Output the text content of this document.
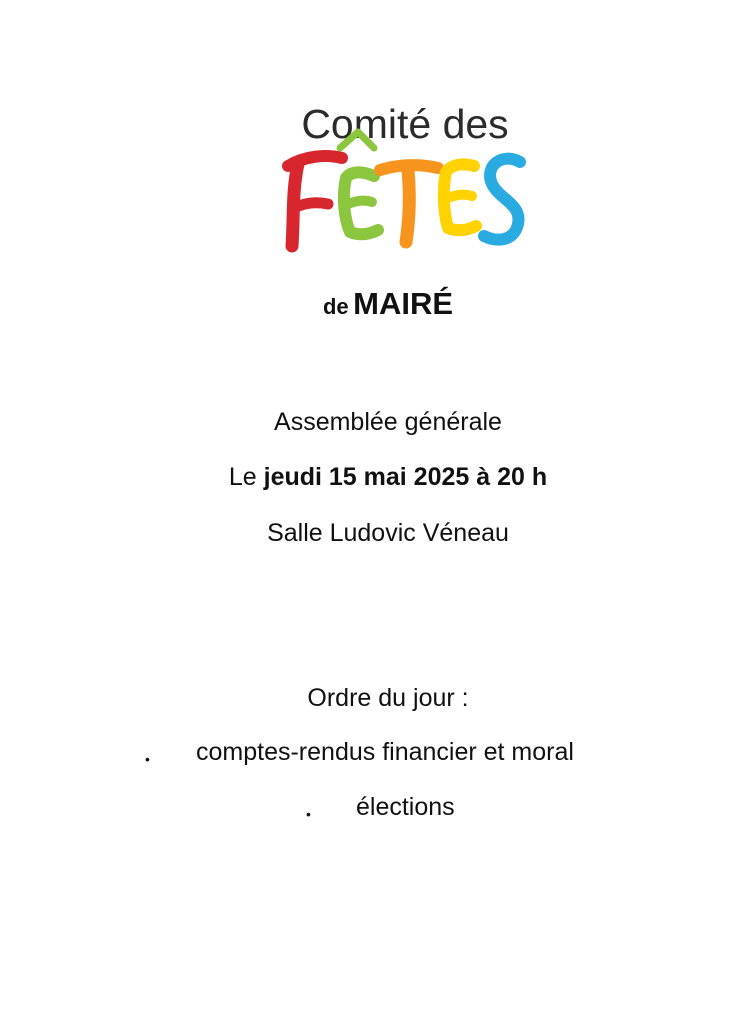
Comité des
de MAIRÉ
Assemblée générale
Le jeudi 15 mai 2025 à 20 h
Salle Ludovic Véneau
Ordre du jour :
• comptes-rendus financier et moral
• élections
